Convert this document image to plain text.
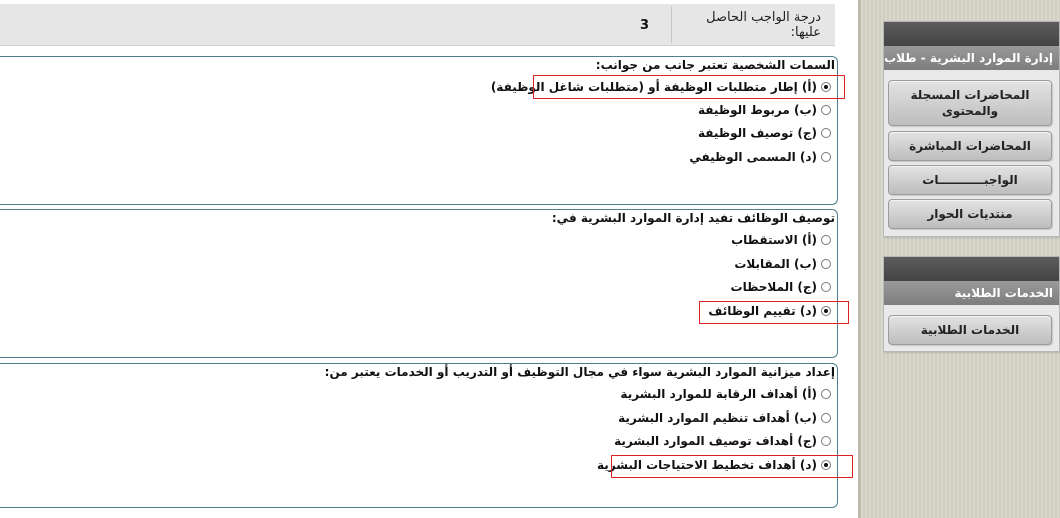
3
درجة الواجب الحاصل عليها:
السمات الشخصية تعتبر جانب من جوانب:
(أ) إطار متطلبات الوظيفة أو (متطلبات شاغل الوظيفة)
(ب) مربوط الوظيفة
(ج) توصيف الوظيفة
(د) المسمى الوظيفي
توصيف الوظائف تفيد إدارة الموارد البشرية في:
(أ) الاستقطاب
(ب) المقابلات
(ج) الملاحظات
(د) تقييم الوظائف
إعداد ميزانية الموارد البشرية سواء في مجال التوظيف أو التدريب أو الخدمات يعتبر من:
(أ) أهداف الرقابة للموارد البشرية
(ب) أهداف تنظيم الموارد البشرية
(ج) أهداف توصيف الموارد البشرية
(د) أهداف تخطيط الاحتياجات البشرية
إدارة الموارد البشرية - طلاب
المحاضرات المسجلة والمحتوى
المحاضرات المباشرة
الواجبـــــــــــات
منتديات الحوار
الخدمات الطلابية
الخدمات الطلابية
